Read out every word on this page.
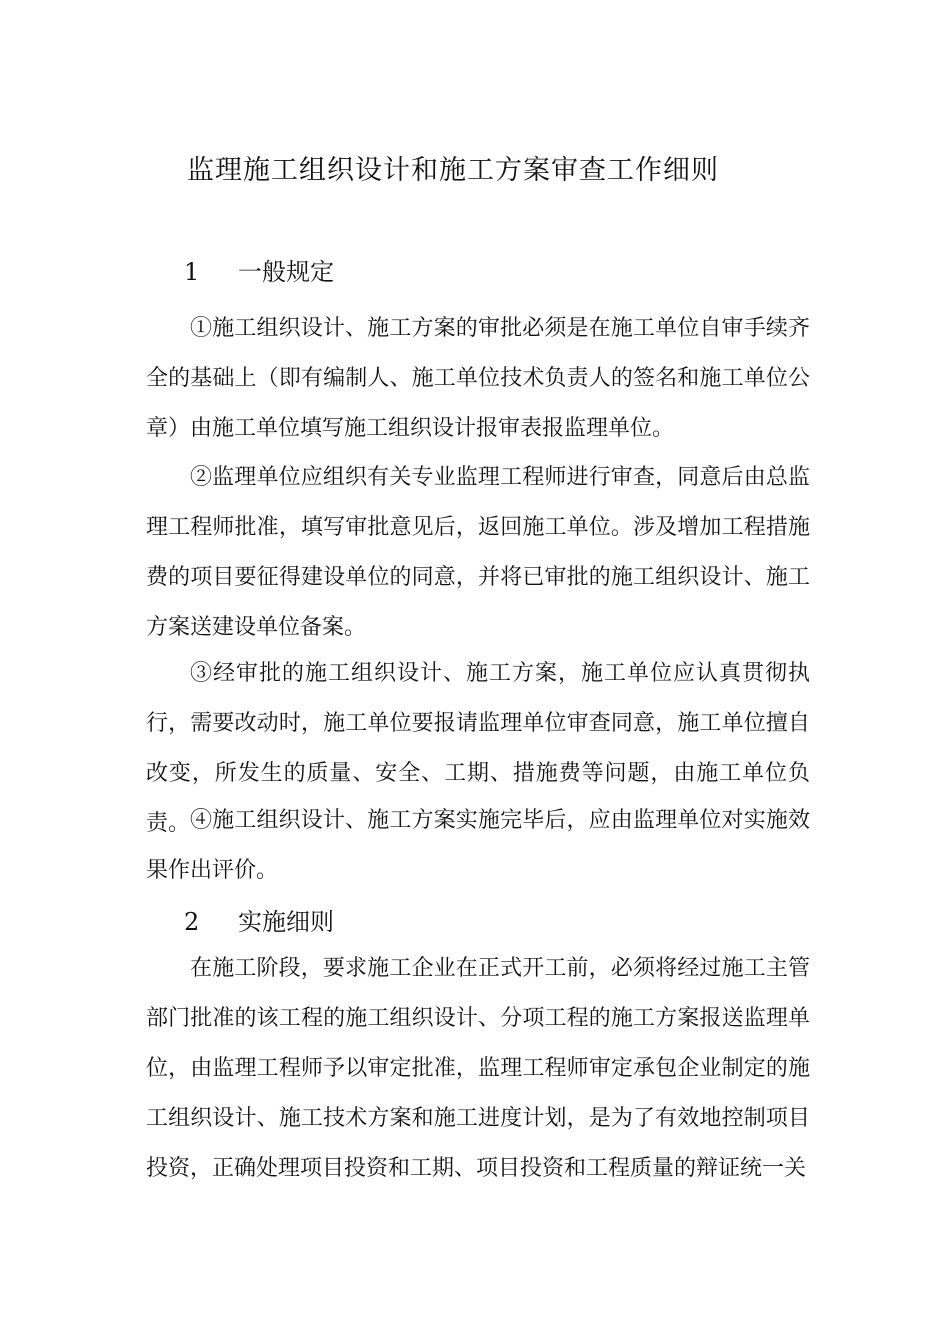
监理施工组织设计和施工方案审查工作细则
1 一般规定

①施工组织设计、施工方案的审批必须是在施工单位自审手续齐全的基础上（即有编制人、施工单位技术负责人的签名和施工单位公章）由施工单位填写施工组织设计报审表报监理单位。

②监理单位应组织有关专业监理工程师进行审查，同意后由总监理工程师批准，填写审批意见后，返回施工单位。涉及增加工程措施费的项目要征得建设单位的同意，并将已审批的施工组织设计、施工方案送建设单位备案。

③经审批的施工组织设计、施工方案，施工单位应认真贯彻执行，需要改动时，施工单位要报请监理单位审查同意，施工单位擅自改变，所发生的质量、安全、工期、措施费等问题，由施工单位负责。 ④施工组织设计、施工方案实施完毕后，应由监理单位对实施效果作出评价。

2 实施细则

在施工阶段，要求施工企业在正式开工前，必须将经过施工主管部门批准的该工程的施工组织设计、分项工程的施工方案报送监理单位，由监理工程师予以审定批准，监理工程师审定承包企业制定的施工组织设计、施工技术方案和施工进度计划，是为了有效地控制项目投资，正确处理项目投资和工期、项目投资和工程质量的辩证统一关
